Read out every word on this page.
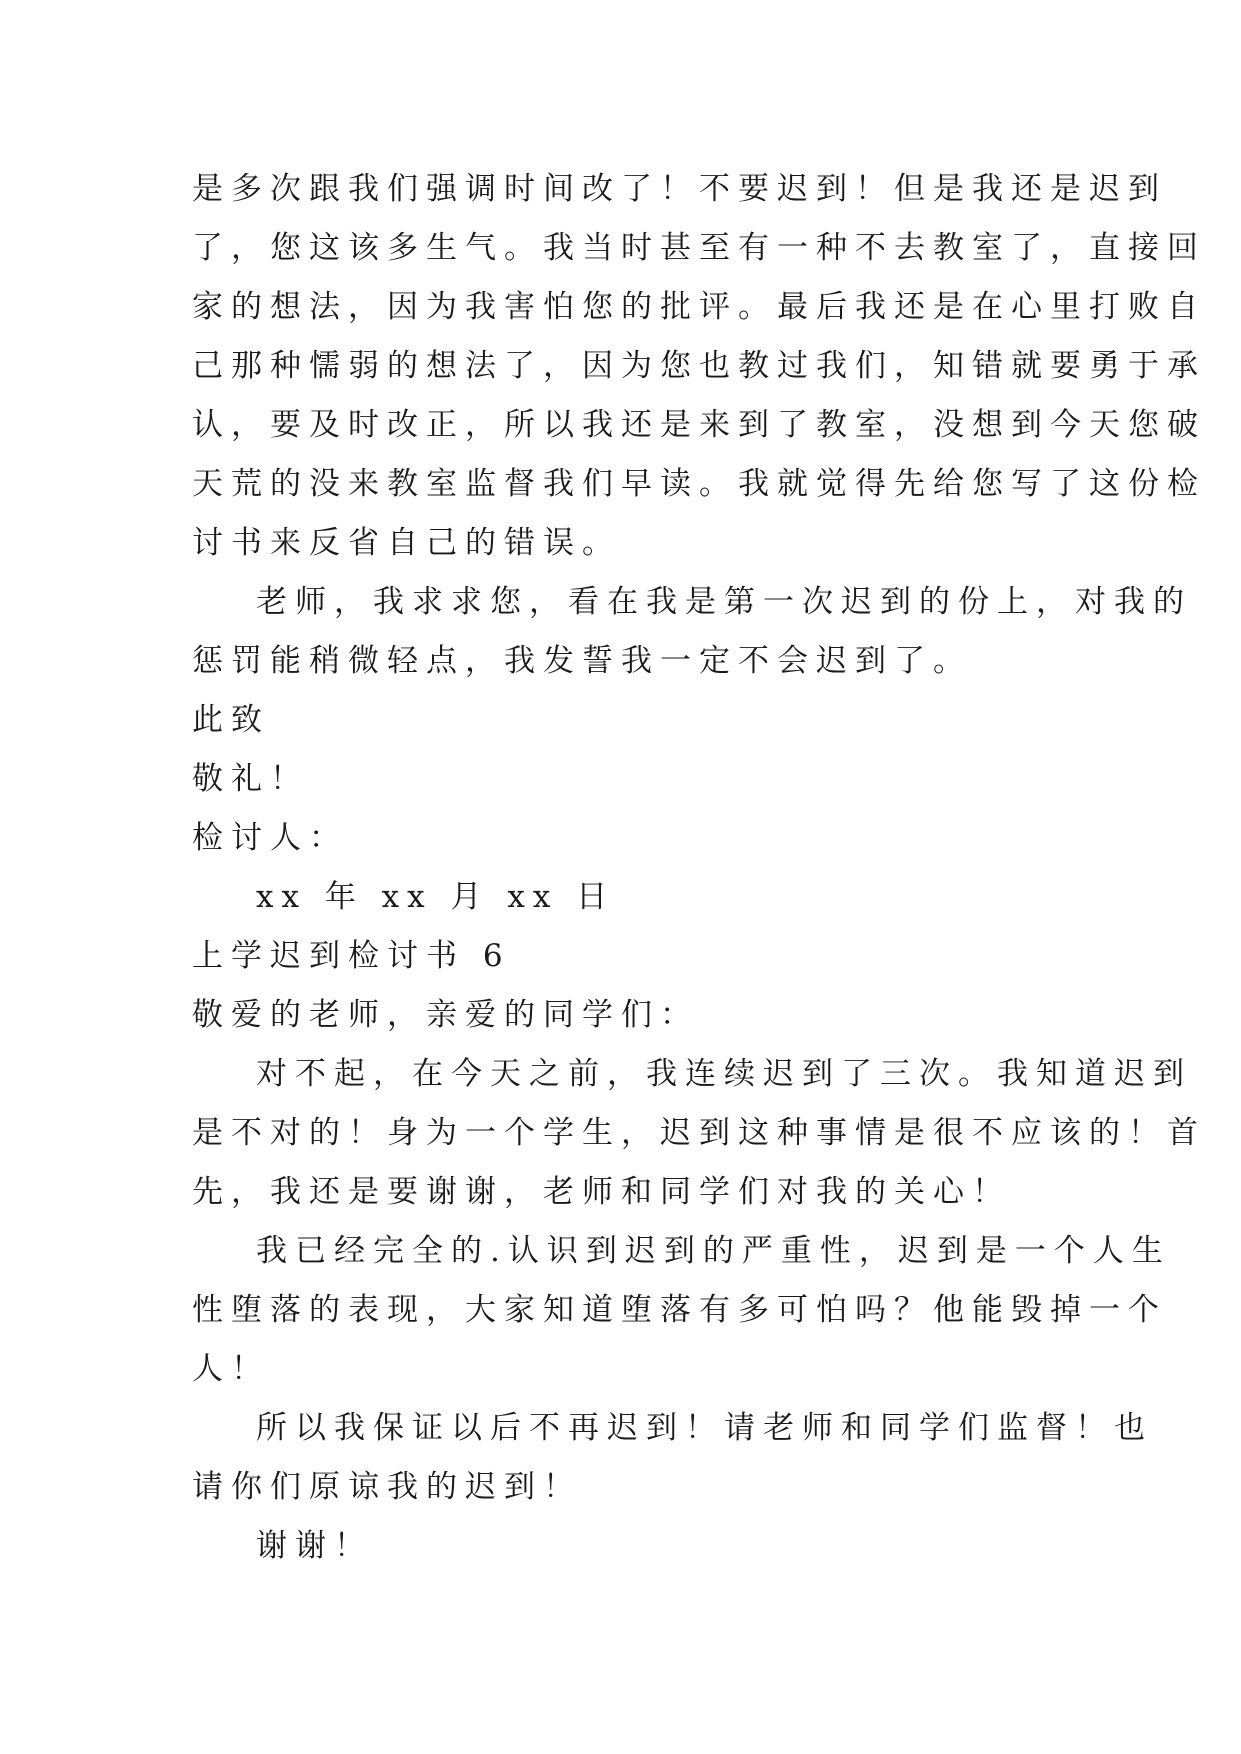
是多次跟我们强调时间改了！不要迟到！但是我还是迟到
了，您这该多生气。我当时甚至有一种不去教室了，直接回
家的想法，因为我害怕您的批评。最后我还是在心里打败自
己那种懦弱的想法了，因为您也教过我们，知错就要勇于承
认，要及时改正，所以我还是来到了教室，没想到今天您破
天荒的没来教室监督我们早读。我就觉得先给您写了这份检
讨书来反省自己的错误。
老师，我求求您，看在我是第一次迟到的份上，对我的
惩罚能稍微轻点，我发誓我一定不会迟到了。
此致
敬礼！
检讨人：
xx 年 xx 月 xx 日
上学迟到检讨书 6
敬爱的老师，亲爱的同学们：
对不起，在今天之前，我连续迟到了三次。我知道迟到
是不对的！身为一个学生，迟到这种事情是很不应该的！首
先，我还是要谢谢，老师和同学们对我的关心！
我已经完全的.认识到迟到的严重性，迟到是一个人生
性堕落的表现，大家知道堕落有多可怕吗？他能毁掉一个
人！
所以我保证以后不再迟到！请老师和同学们监督！也
请你们原谅我的迟到！
谢谢！
